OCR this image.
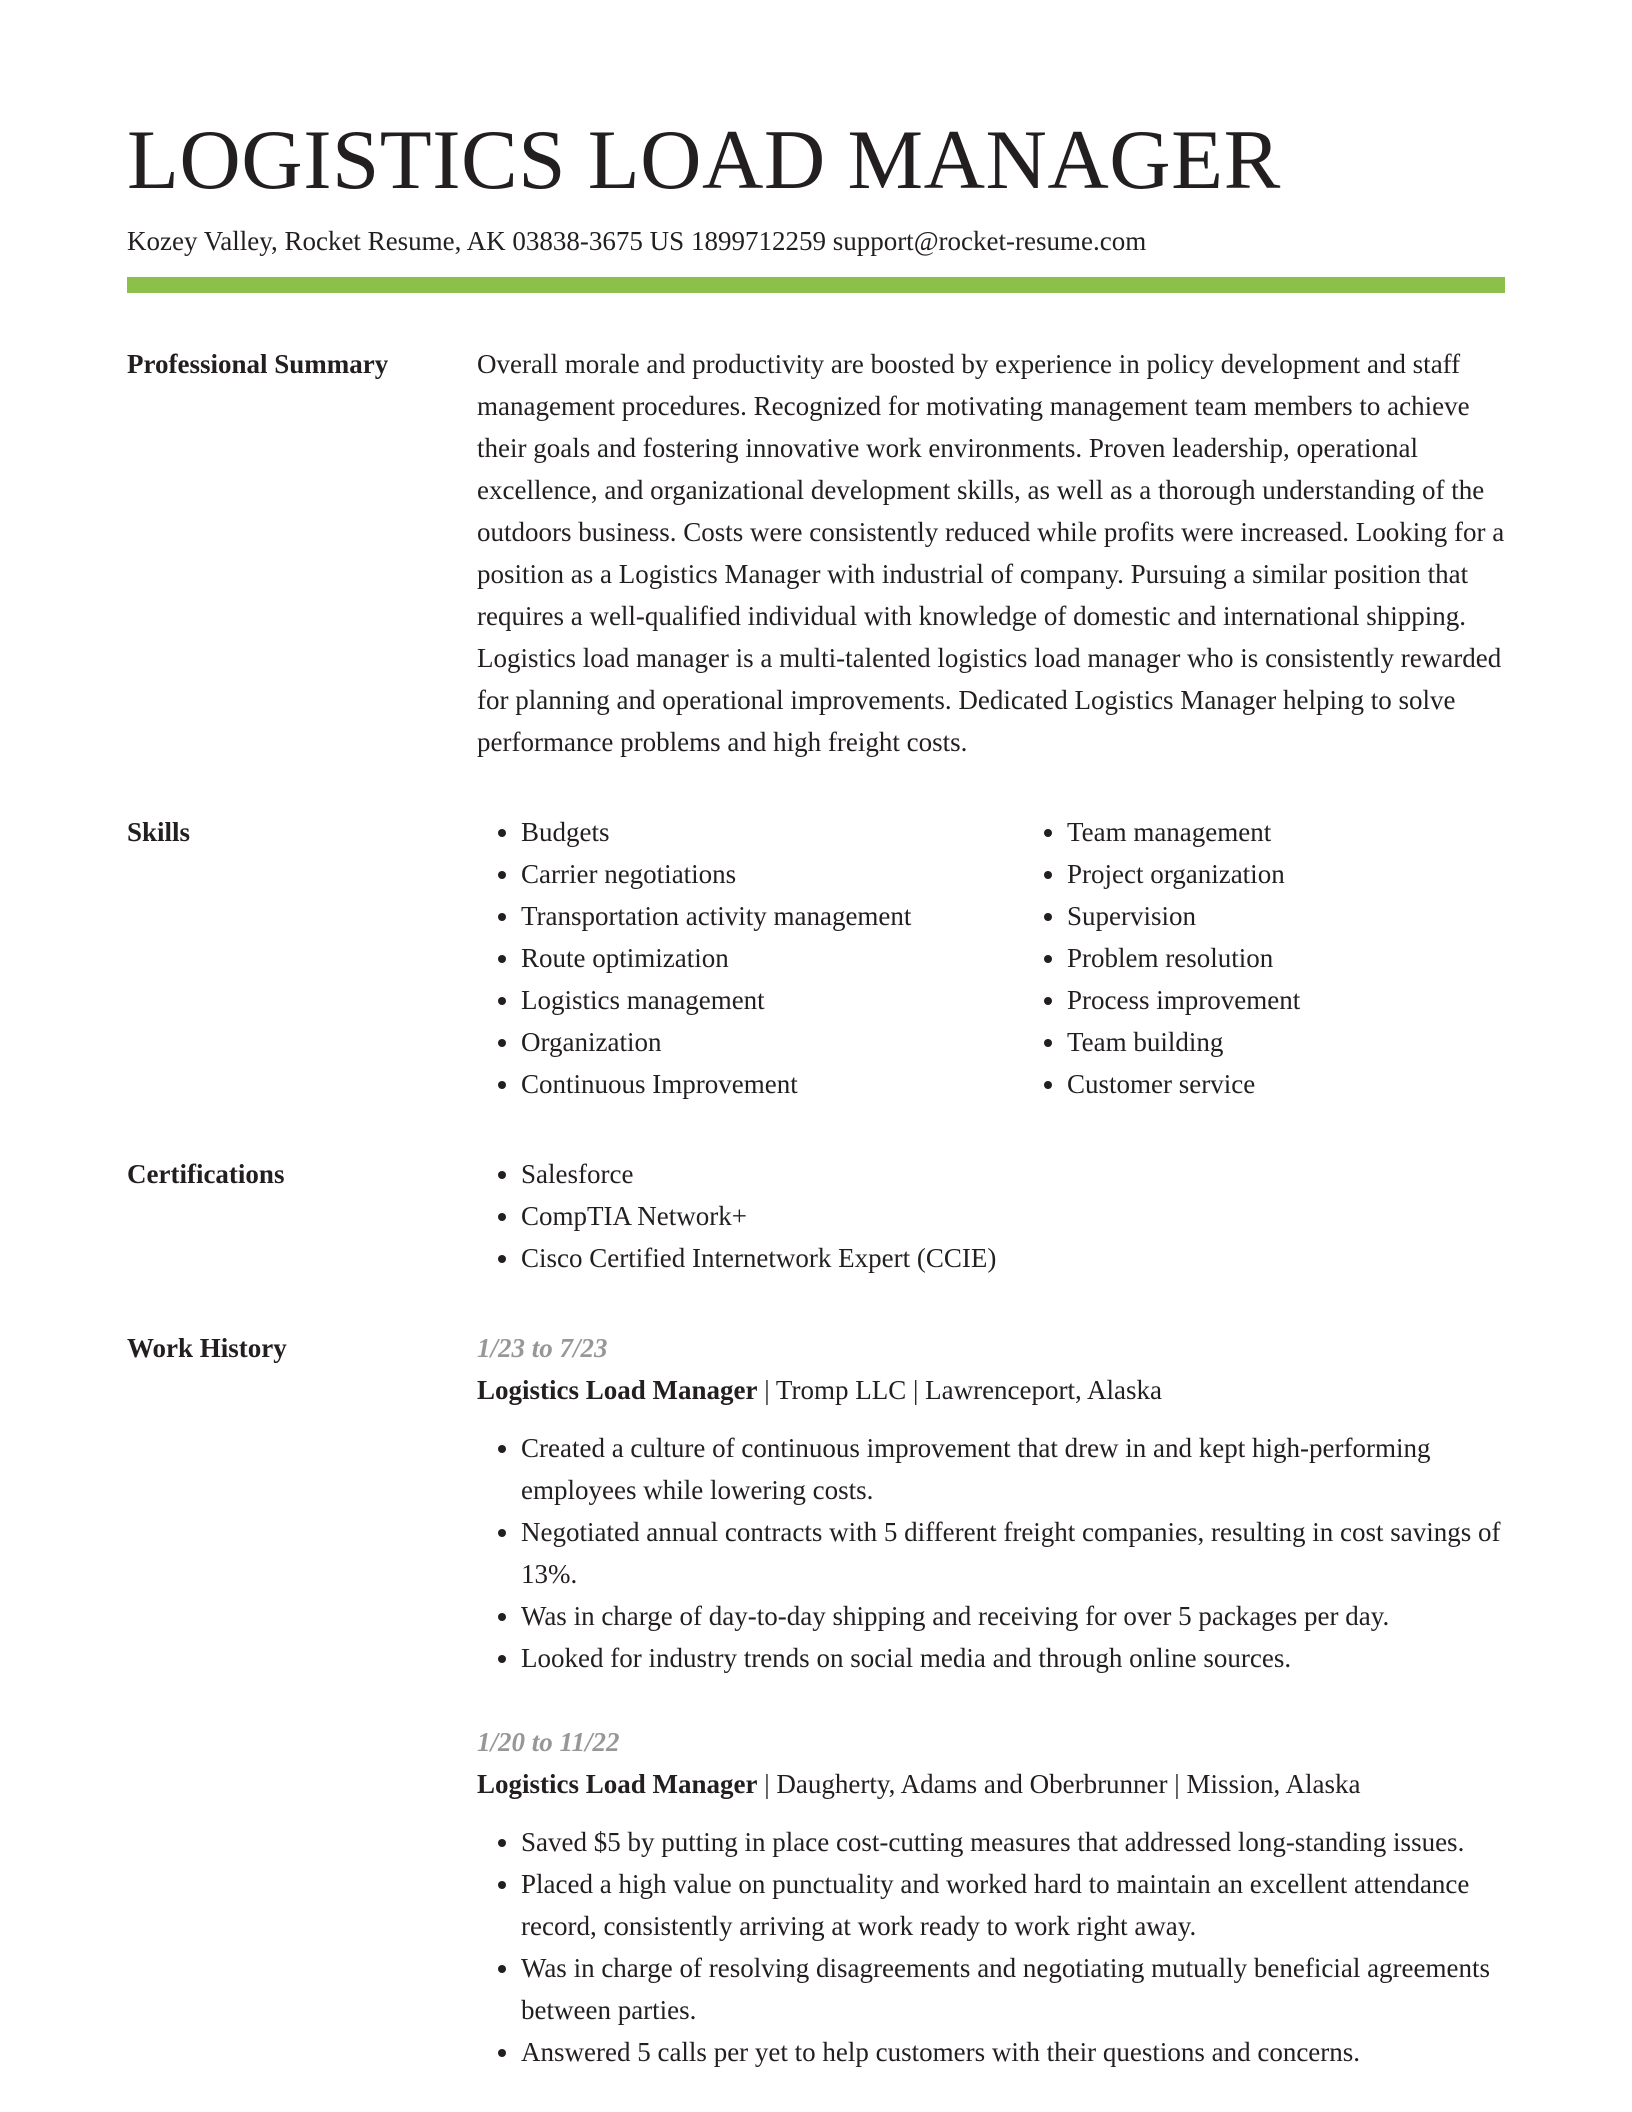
LOGISTICS LOAD MANAGER
Kozey Valley, Rocket Resume, AK 03838-3675 US 1899712259 support@rocket-resume.com
Professional Summary	Overall morale and productivity are boosted by experience in policy development and staff management procedures. Recognized for motivating management team members to achieve their goals and fostering innovative work environments. Proven leadership, operational excellence, and organizational development skills, as well as a thorough understanding of the outdoors business. Costs were consistently reduced while profits were increased. Looking for a position as a Logistics Manager with industrial of company. Pursuing a similar position that requires a well-qualified individual with knowledge of domestic and international shipping. Logistics load manager is a multi-talented logistics load manager who is consistently rewarded for planning and operational improvements. Dedicated Logistics Manager helping to solve performance problems and high freight costs.

Skills	• Budgets
• Carrier negotiations
• Transportation activity management
• Route optimization
• Logistics management
• Organization
• Continuous Improvement
• Team management
• Project organization
• Supervision
• Problem resolution
• Process improvement
• Team building
• Customer service
Certifications	• Salesforce
• CompTIA Network+
• Cisco Certified Internetwork Expert (CCIE)
Work History	1/23 to 7/23
Logistics Load Manager | Tromp LLC | Lawrenceport, Alaska
• Created a culture of continuous improvement that drew in and kept high-performing employees while lowering costs.
• Negotiated annual contracts with 5 different freight companies, resulting in cost savings of 13%.
• Was in charge of day-to-day shipping and receiving for over 5 packages per day.
• Looked for industry trends on social media and through online sources.
1/20 to 11/22
Logistics Load Manager | Daugherty, Adams and Oberbrunner | Mission, Alaska
• Saved $5 by putting in place cost-cutting measures that addressed long-standing issues.
• Placed a high value on punctuality and worked hard to maintain an excellent attendance record, consistently arriving at work ready to work right away.
• Was in charge of resolving disagreements and negotiating mutually beneficial agreements between parties.
• Answered 5 calls per yet to help customers with their questions and concerns.
